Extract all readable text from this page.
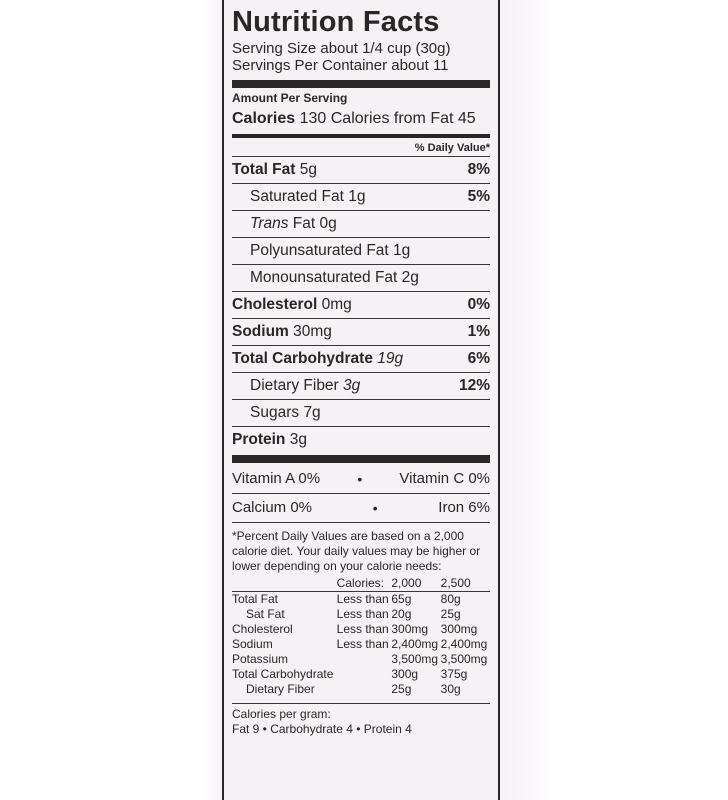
Nutrition Facts
Serving Size about 1/4 cup (30g)
Servings Per Container about 11
Amount Per Serving
Calories 130 Calories from Fat 45
% Daily Value*
Total Fat 5g	8%
Saturated Fat 1g	5%
Trans Fat 0g
Polyunsaturated Fat 1g
Monounsaturated Fat 2g
Cholesterol 0mg	0%
Sodium 30mg	1%
Total Carbohydrate 19g	6%
Dietary Fiber 3g	12%
Sugars 7g
Protein 3g
Vitamin A 0%	• Vitamin C 0%
Calcium 0%	•	Iron 6%
*Percent Daily Values are based on a 2,000 calorie diet. Your daily values may be higher or lower depending on your calorie needs:
	Calories:	2,000	2,500
Total Fat	Less than	65g	80g
Sat Fat	Less than	20g	25g
Cholesterol	Less than	300mg	300mg
Sodium	Less than	2,400mg	2,400mg
Potassium		3,500mg	3,500mg
Total Carbohydrate		300g	375g
Dietary Fiber		25g	30g
Calories per gram:
Fat 9 • Carbohydrate 4 • Protein 4
